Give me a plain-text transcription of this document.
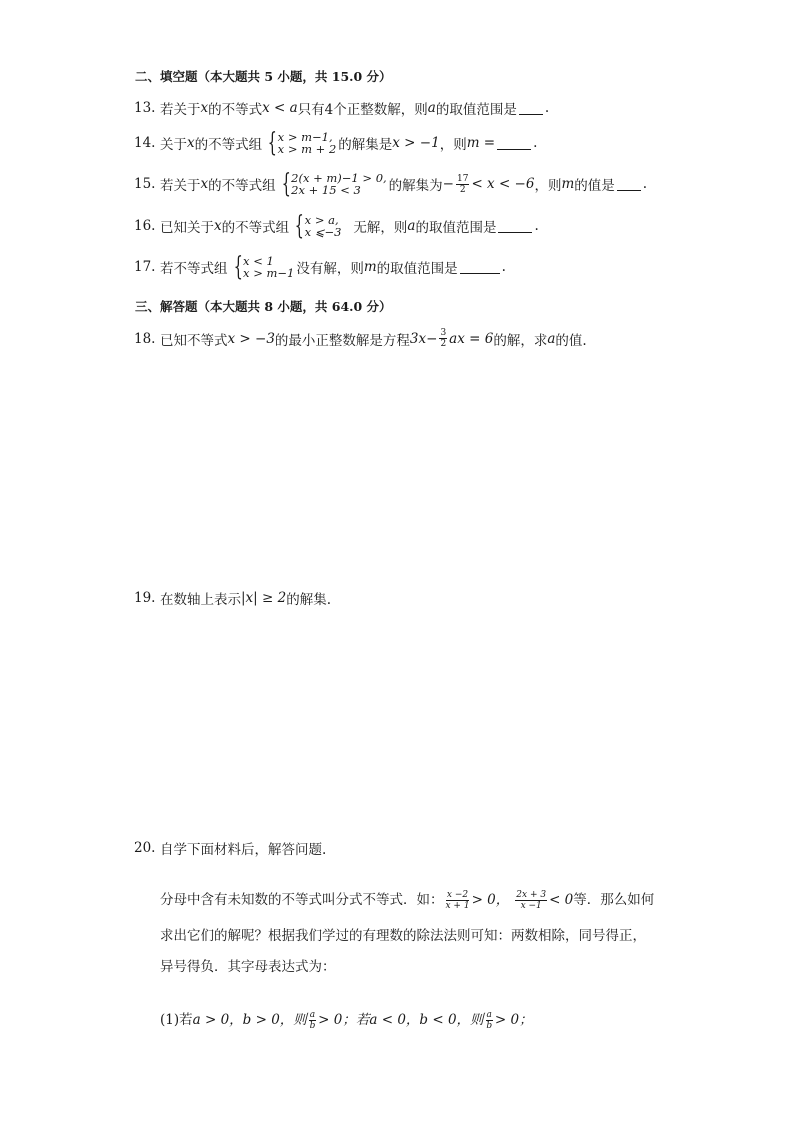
二、填空题（本大题共 5 小题，共 15.0 分）
13. 若关于 x 的不等式 x < a 只有4个正整数解，则 a 的取值范围是 .
14. 关于 x 的不等式组 { x > m−1,
x > m + 2 的解集是 x > −1 ，则 m =	.
15. 若关于 x 的不等式组 { 2(x + m)−1 > 0,
2x + 15 < 3	的解集为 − $\frac{17}{2} < x < -6$ ，则 m 的值是 .
16. 已知关于 x 的不等式组 { x > a,
x ⩽−3 无解，则 a 的取值范围是	.
17. 若不等式组 { x < 1
x > m−1 没有解，则 m 的取值范围是	.
三、解答题（本大题共 8 小题，共 64.0 分）
18. 已知不等式 x > −3 的最小正整数解是方程 $3x- \frac{3}{2}$ ax = 6 的解，求 a 的值.
19. 在数轴上表示 |x| ≥ 2 的解集.
20. 自学下面材料后，解答问题.
分母中含有未知数的不等式叫分式不等式．如： $\frac{x -2}{x + 1} > 0$， $\frac{2x + 3}{x -1} < 0$ 等．那么如何
求出它们的解呢？根据我们学过的有理数的除法法则可知：两数相除，同号得正，
异号得负．其字母表达式为：
(1)若 a > 0，b > 0，则 $\frac{a}{b} > 0$；若 a < 0，b < 0，则 $\frac{a}{b} > 0$；
